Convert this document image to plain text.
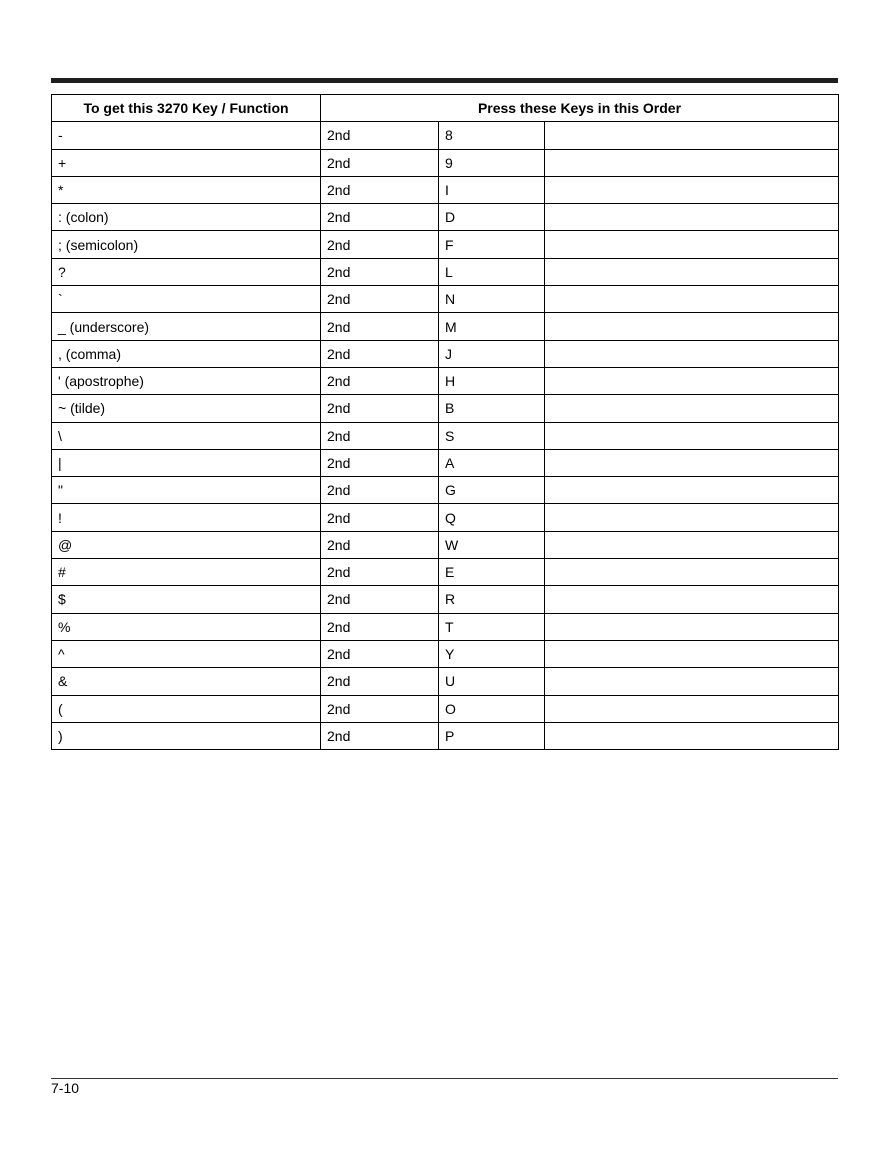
To get this 3270 Key / Function	Press these Keys in this Order		
-	2nd	8	
+	2nd	9	
*	2nd	I	
: (colon)	2nd	D	
; (semicolon)	2nd	F	
?	2nd	L	
`	2nd	N	
_ (underscore)	2nd	M	
, (comma)	2nd	J	
' (apostrophe)	2nd	H	
~ (tilde)	2nd	B	
\	2nd	S	
|	2nd	A	
"	2nd	G	
!	2nd	Q	
@	2nd	W	
#	2nd	E	
$	2nd	R	
%	2nd	T	
^	2nd	Y	
&	2nd	U	
(	2nd	O	
)	2nd	P	
7-10
